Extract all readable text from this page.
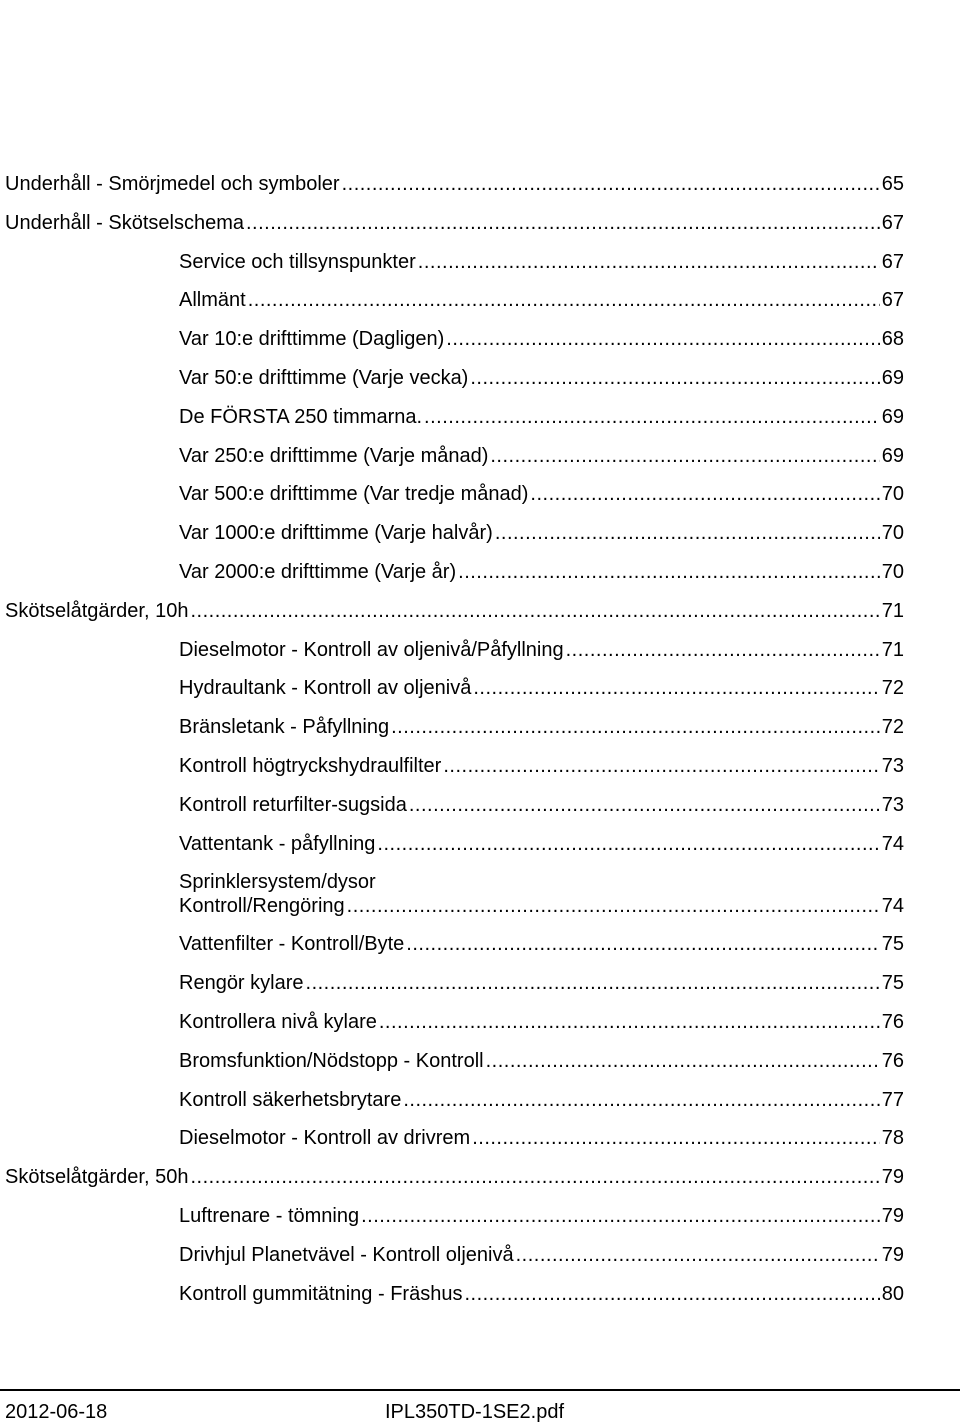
Underhåll - Smörjmedel och symboler .....	65
Underhåll - Skötselschema .....	67
Service och tillsynspunkter .....	67
Allmänt .....	67
Var 10:e drifttimme (Dagligen) .....	68
Var 50:e drifttimme (Varje vecka) .....	69
De FÖRSTA 250 timmarna. .....	69
Var 250:e drifttimme (Varje månad) .....	69
Var 500:e drifttimme (Var tredje månad) .....	70
Var 1000:e drifttimme (Varje halvår) .....	70
Var 2000:e drifttimme (Varje år) .....	70
Skötselåtgärder, 10h .....	71
Dieselmotor - Kontroll av oljenivå/Påfyllning .....	71
Hydraultank - Kontroll av oljenivå .....	72
Bränsletank - Påfyllning .....	72
Kontroll högtryckshydraulfilter .....	73
Kontroll returfilter-sugsida .....	73
Vattentank - påfyllning .....	74
Sprinklersystem/dysor
Kontroll/Rengöring .....	74
Vattenfilter - Kontroll/Byte .....	75
Rengör kylare .....	75
Kontrollera nivå kylare .....	76
Bromsfunktion/Nödstopp - Kontroll .....	76
Kontroll säkerhetsbrytare .....	77
Dieselmotor - Kontroll av drivrem .....	78
Skötselåtgärder, 50h .....	79
Luftrenare - tömning .....	79
Drivhjul Planetvävel - Kontroll oljenivå .....	79
Kontroll gummitätning - Fräshus .....	80
2012-06-18	IPL350TD-1SE2.pdf
